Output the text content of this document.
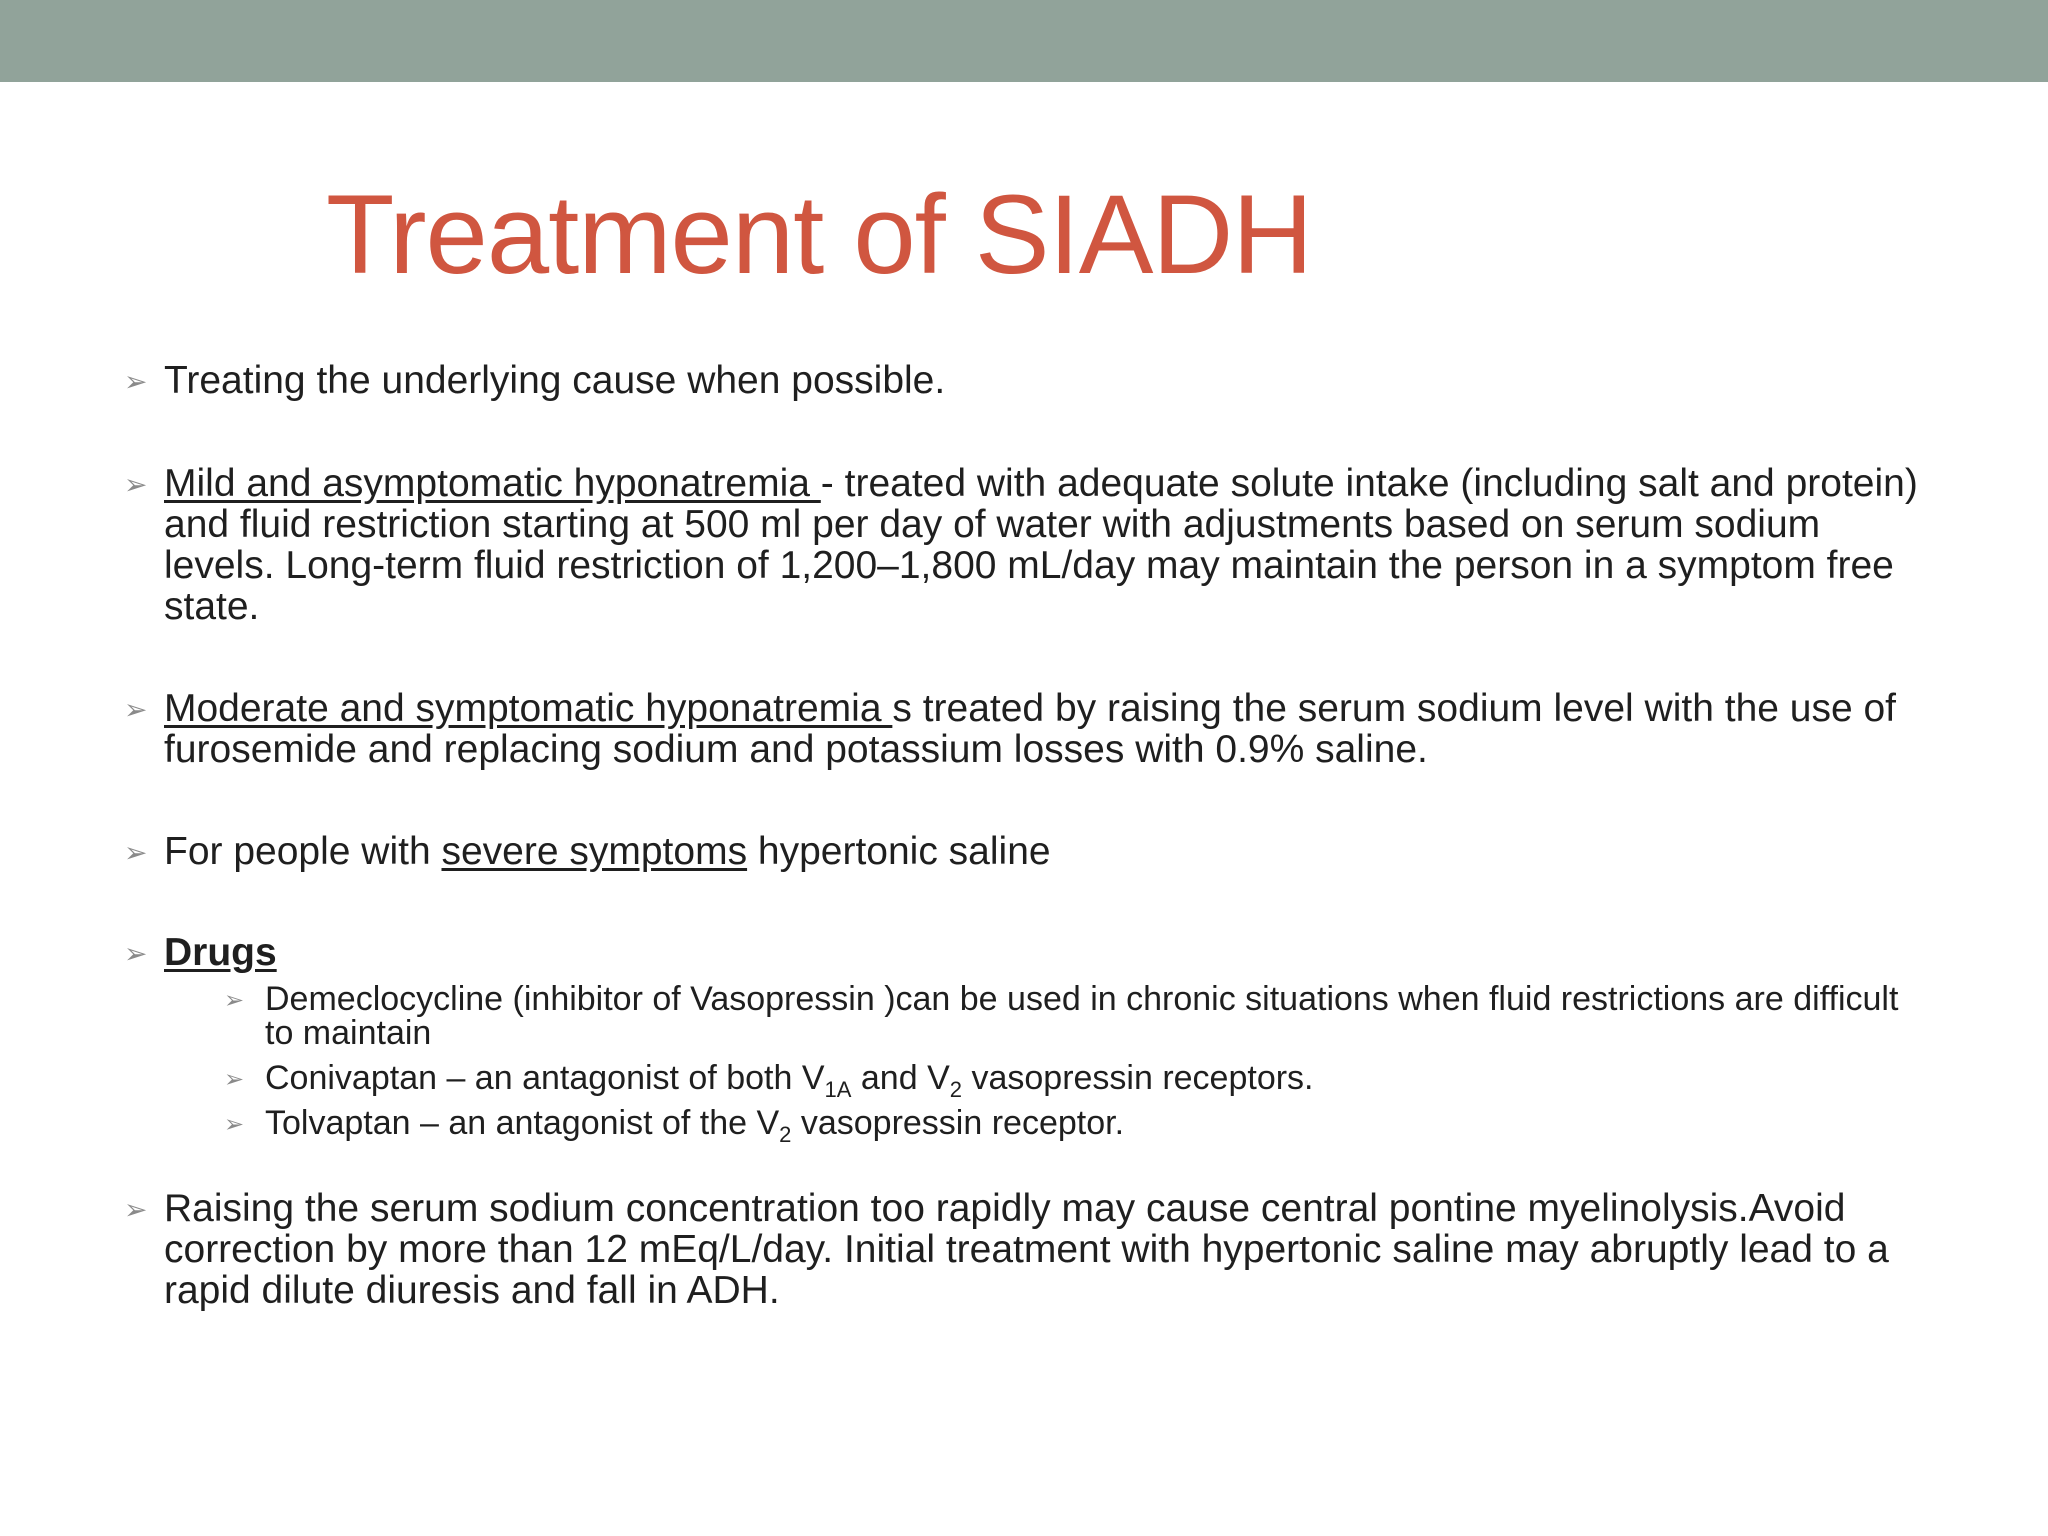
Treatment of SIADH
➢ Treating the underlying cause when possible.
➢ Mild and asymptomatic hyponatremia - treated with adequate solute intake (including salt and protein) and fluid restriction starting at 500 ml per day of water with adjustments based on serum sodium levels. Long-term fluid restriction of 1,200–1,800 mL/day may maintain the person in a symptom free state.
➢ Moderate and symptomatic hyponatremia s treated by raising the serum sodium level with the use of furosemide and replacing sodium and potassium losses with 0.9% saline.
➢ For people with severe symptoms hypertonic saline
➢ Drugs
➢ Demeclocycline (inhibitor of Vasopressin )can be used in chronic situations when fluid restrictions are difficult to maintain
➢ Conivaptan – an antagonist of both $V_{1A}$ and $V_2$ vasopressin receptors.
➢ Tolvaptan – an antagonist of the $V_2$ vasopressin receptor.
➢ Raising the serum sodium concentration too rapidly may cause central pontine myelinolysis.Avoid correction by more than 12 mEq/L/day. Initial treatment with hypertonic saline may abruptly lead to a rapid dilute diuresis and fall in ADH.
